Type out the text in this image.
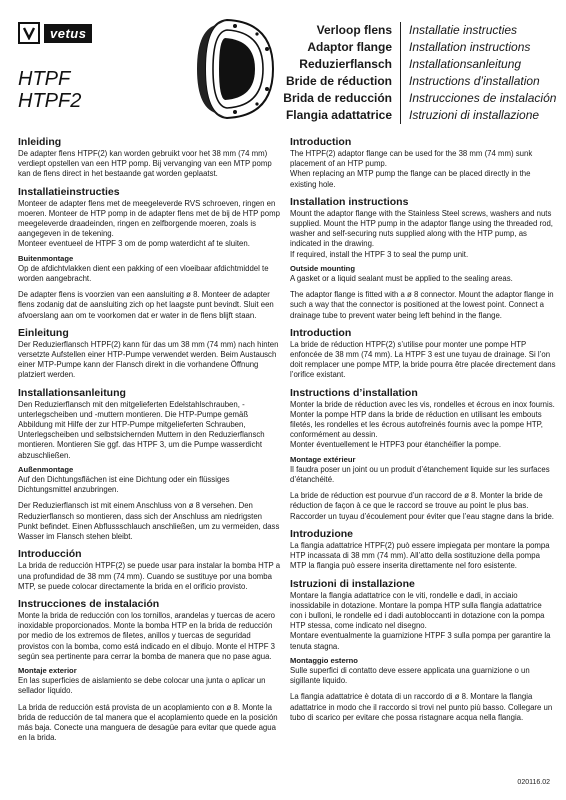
vetus
HTPF
HTPF2
Verloop flens
Adaptor flange
Reduzierflansch
Bride de réduction
Brida de reducción
Flangia adattatrice
Installatie instructies
Installation instructions
Installationsanleitung
Instructions d’installation
Instrucciones de instalación
Istruzioni di installazione
Inleiding
De adapter flens HTPF(2) kan worden gebruikt voor het 38 mm (74 mm) verdiept opstellen van een HTP pomp. Bij vervanging van een MTP pomp kan de flens direct in het bestaande gat worden geplaatst.
Installatieinstructies
Monteer de adapter flens met de meegeleverde RVS schroeven, ringen en moeren. Monteer de HTP pomp in de adapter flens met de bij de HTP pomp meegeleverde draadeinden, ringen en zelfborgende moeren, zoals is aangegeven in de tekening.
Monteer eventueel de HTPF 3 om de pomp waterdicht af te sluiten.
Buitenmontage
Op de afdichtvlakken dient een pakking of een vloeibaar afdichtmiddel te worden aangebracht.
De adapter flens is voorzien van een aansluiting ø 8. Monteer de adapter flens zodanig dat de aansluiting zich op het laagste punt bevindt. Sluit een afvoerslang aan om te voorkomen dat er water in de flens blijft staan.
Einleitung
Der Reduzierflansch HTPF(2) kann für das um 38 mm (74 mm) nach hinten versetzte Aufstellen einer HTP-Pumpe verwendet werden. Beim Austausch einer MTP-Pumpe kann der Flansch direkt in die vorhandene Öffnung platziert werden.
Installationsanleitung
Den Reduzierflansch mit den mitgelieferten Edelstahlschrauben, -unterlegscheiben und -muttern montieren. Die HTP-Pumpe gemäß Abbildung mit Hilfe der zur HTP-Pumpe mitgelieferten Schrauben, Unterlegscheiben und selbstsichernden Muttern in den Reduzierflansch montieren. Montieren Sie ggf. das HTPF 3, um die Pumpe wasserdicht abzuschließen.
Außenmontage
Auf den Dichtungsflächen ist eine Dichtung oder ein flüssiges Dichtungsmittel anzubringen.
Der Reduzierflansch ist mit einem Anschluss von ø 8 versehen. Den Reduzierflansch so montieren, dass sich der Anschluss am niedrigsten Punkt befindet. Einen Abflussschlauch anschließen, um zu vermeiden, dass Wasser im Flansch stehen bleibt.
Introducción
La brida de reducción HTPF(2) se puede usar para instalar la bomba HTP a una profundidad de 38 mm (74 mm). Cuando se sustituye por una bomba MTP, se puede colocar directamente la brida en el orificio provisto.
Instrucciones de instalación
Monte la brida de reducción con los tornillos, arandelas y tuercas de acero inoxidable proporcionados. Monte la bomba HTP en la brida de reducción por medio de los extremos de filetes, anillos y tuercas de seguridad provistos con la bomba, como está indicado en el dibujo. Monte el HTPF 3 según sea pertinente para cerrar la bomba de manera que no pase agua.
Montaje exterior
En las superficies de aislamiento se debe colocar una junta o aplicar un sellador líquido.
La brida de reducción está provista de un acoplamiento con ø 8. Monte la brida de reducción de tal manera que el acoplamiento quede en la posición más baja. Conecte una manguera de desagüe para evitar que quede agua en la brida.
Introduction
The HTPF(2) adaptor flange can be used for the 38 mm (74 mm) sunk placement of an HTP pump.
When replacing an MTP pump the flange can be placed directly in the existing hole.
Installation instructions
Mount the adaptor flange with the Stainless Steel screws, washers and nuts supplied. Mount the HTP pump in the adaptor flange using the threaded rod, washer and self-securing nuts supplied along with the HTP pump, as indicated in the drawing.
If required, install the HTPF 3 to seal the pump unit.
Outside mounting
A gasket or a liquid sealant must be applied to the sealing areas.
The adaptor flange is fitted with a ø 8 connector. Mount the adaptor flange in such a way that the connector is positioned at the lowest point. Connect a drainage tube to prevent water being left behind in the flange.
Introduction
La bride de réduction HTPF(2) s’utilise pour monter une pompe HTP enfoncée de 38 mm (74 mm). La HTPF 3 est une tuyau de drainage. Si l’on doit remplacer une pompe MTP, la bride pourra être placée directement dans l’orifice existant.
Instructions d’installation
Monter la bride de réduction avec les vis, rondelles et écrous en inox fournis. Monter la pompe HTP dans la bride de réduction en utilisant les embouts filetés, les rondelles et les écrous autofreinés fournis avec la pompe HTP, conformément au dessin.
Monter éventuellement le HTPF3 pour étanchéifier la pompe.
Montage extérieur
Il faudra poser un joint ou un produit d’étanchement liquide sur les surfaces d’étanchéité.
La bride de réduction est pourvue d’un raccord de ø 8. Monter la bride de réduction de façon à ce que le raccord se trouve au point le plus bas. Raccorder un tuyau d’écoulement pour éviter que l’eau stagne dans la bride.
Introduzione
La flangia adattatrice HTPF(2) può essere impiegata per montare la pompa HTP incassata di 38 mm (74 mm). All’atto della sostituzione della pompa MTP la flangia può essere inserita direttamente nel foro esistente.
Istruzioni di installazione
Montare la flangia adattatrice con le viti, rondelle e dadi, in acciaio inossidabile in dotazione. Montare la pompa HTP sulla flangia adattatrice con i bulloni, le rondelle ed i dadi autobloccanti in dotazione con la pompa HTP stessa, come indicato nel disegno.
Montare eventualmente la guarnizione HTPF 3 sulla pompa per garantire la tenuta stagna.
Montaggio esterno
Sulle superfici di contatto deve essere applicata una guarnizione o un sigillante liquido.
La flangia adattatrice è dotata di un raccordo di ø 8. Montare la flangia adattatrice in modo che il raccordo si trovi nel punto più basso. Collegare un tubo di scarico per evitare che possa ristagnare acqua nella flangia.
020116.02
